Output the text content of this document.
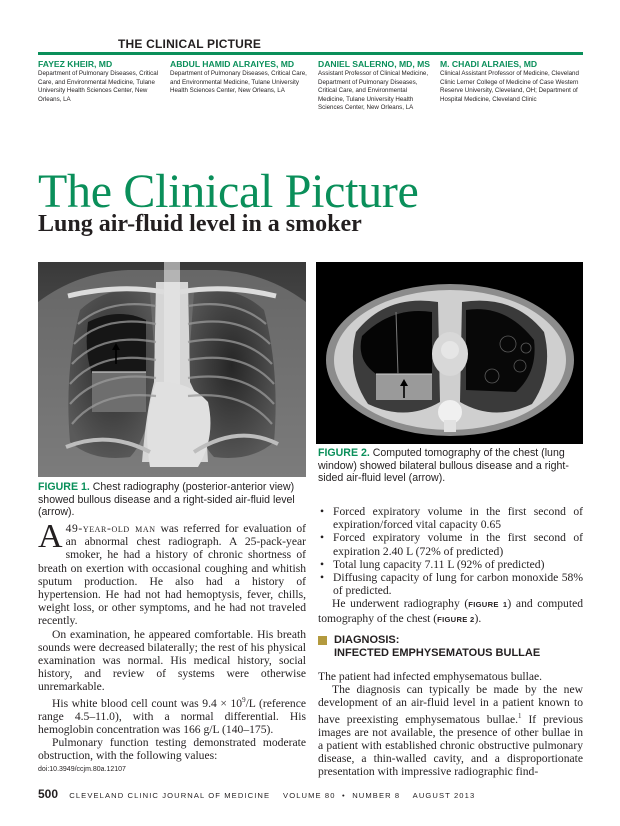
THE CLINICAL PICTURE
FAYEZ KHEIR, MD
Department of Pulmonary Diseases, Critical Care, and Environmental Medicine, Tulane University Health Sciences Center, New Orleans, LA
ABDUL HAMID ALRAIYES, MD
Department of Pulmonary Diseases, Critical Care, and Environmental Medicine, Tulane University Health Sciences Center, New Orleans, LA
DANIEL SALERNO, MD, MS
Assistant Professor of Clinical Medicine, Department of Pulmonary Diseases, Critical Care, and Environmental Medicine, Tulane University Health Sciences Center, New Orleans, LA
M. CHADI ALRAIES, MD
Clinical Assistant Professor of Medicine, Cleveland Clinic Lerner College of Medicine of Case Western Reserve University, Cleveland, OH; Department of Hospital Medicine, Cleveland Clinic
The Clinical Picture
Lung air-fluid level in a smoker
FIGURE 1. Chest radiography (posterior-anterior view) showed bullous disease and a right-sided air-fluid level (arrow).
FIGURE 2. Computed tomography of the chest (lung window) showed bilateral bullous disease and a right-sided air-fluid level (arrow).

A 49-year-old man was referred for evaluation of an abnormal chest radiograph. A 25-pack-year smoker, he had a history of chronic shortness of breath on exertion with occasional coughing and whitish sputum production. He also had a history of hypertension. He had not had hemoptysis, fever, chills, weight loss, or other symptoms, and he had not traveled recently.

On examination, he appeared comfortable. His breath sounds were decreased bilaterally; the rest of his physical examination was normal. His medical history, social history, and review of systems were otherwise unremarkable.

His white blood cell count was $9.4 \times 10^9/L$ (reference range 4.5–11.0), with a normal differential. His hemoglobin concentration was 166 g/L (140–175).

Pulmonary function testing demonstrated moderate obstruction, with the following values:

• Forced expiratory volume in the first second of expiration/forced vital capacity 0.65
• Forced expiratory volume in the first second of expiration 2.40 L (72% of predicted)
• Total lung capacity 7.11 L (92% of predicted)
• Diffusing capacity of lung for carbon monoxide 58% of predicted.

He underwent radiography (FIGURE 1) and computed tomography of the chest (FIGURE 2).

DIAGNOSIS:
INFECTED EMPHYSEMATOUS BULLAE

The patient had infected emphysematous bullae.

The diagnosis can typically be made by the new development of an air-fluid level in a patient known to have preexisting emphysematous bullae.$^1$ If previous images are not available, the presence of other bullae in a patient with established chronic obstructive pulmonary disease, a thin-walled cavity, and a disproportionate presentation with impressive radiographic find-

doi:10.3949/ccjm.80a.12107
500 CLEVELAND CLINIC JOURNAL OF MEDICINE VOLUME 80  •  NUMBER 8 AUGUST 2013
